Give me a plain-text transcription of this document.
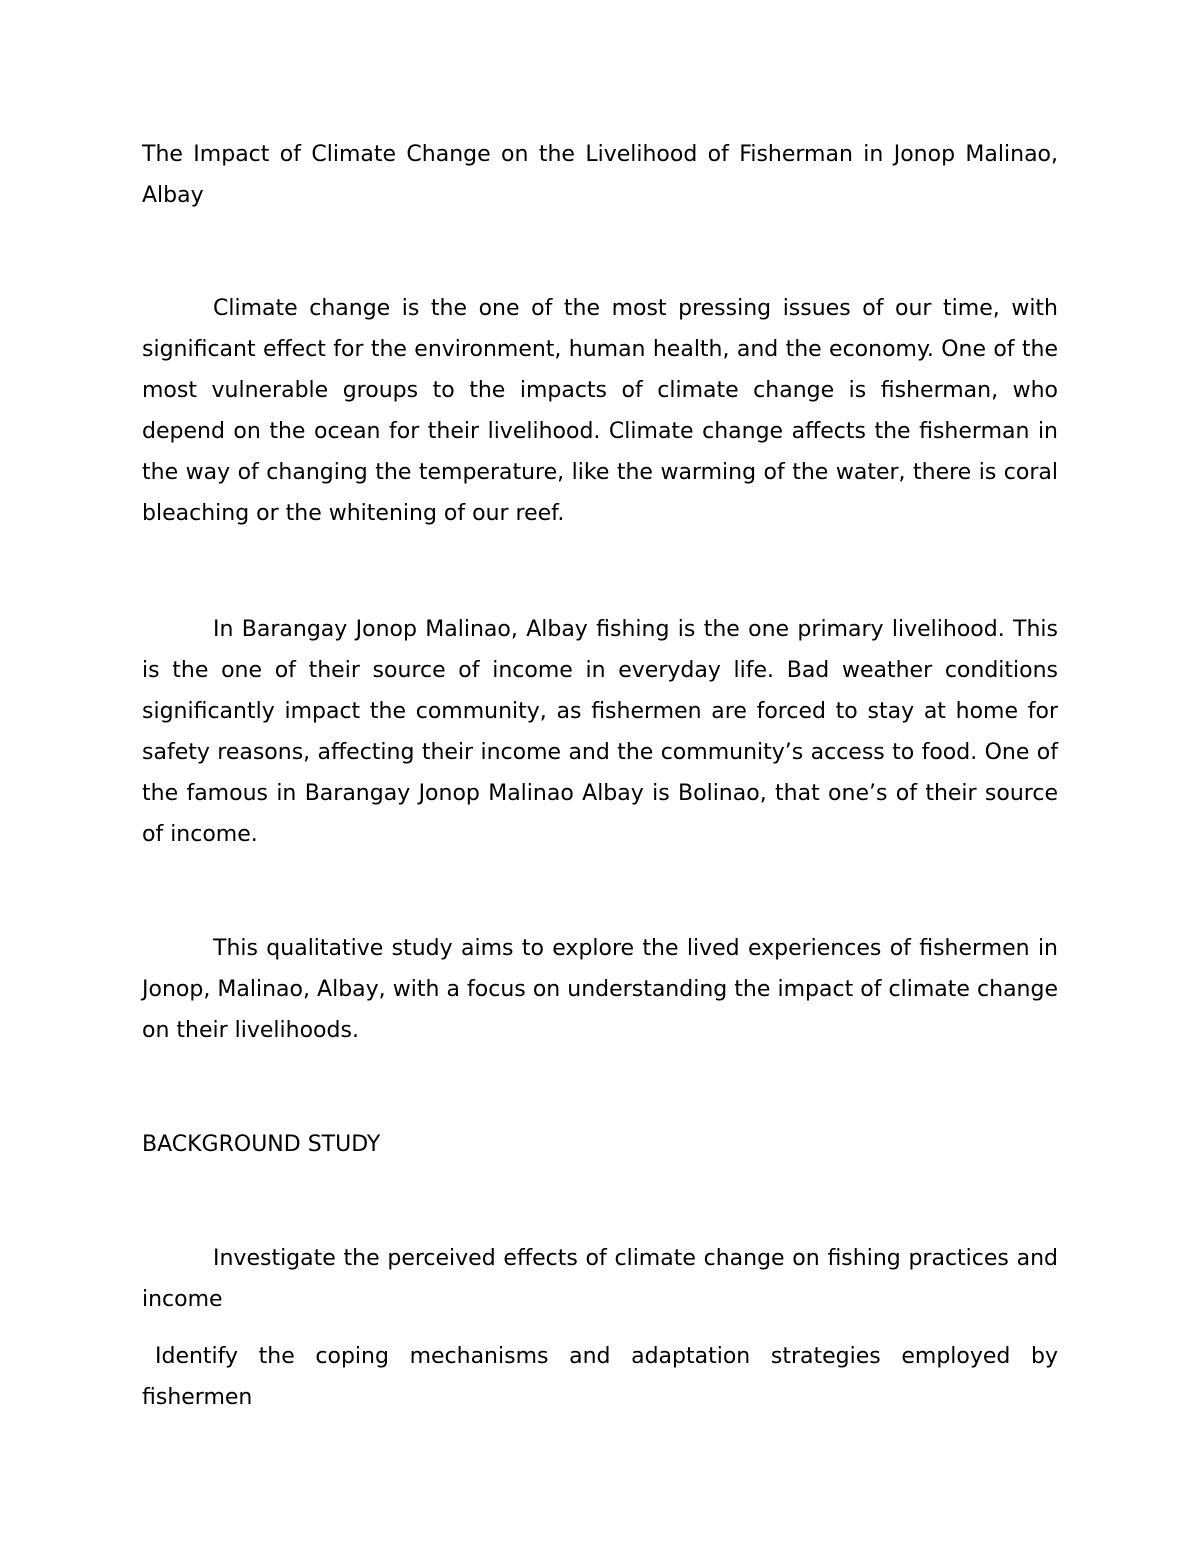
The Impact of Climate Change on the Livelihood of Fisherman in Jonop Malinao, Albay

Climate change is the one of the most pressing issues of our time, with significant effect for the environment, human health, and the economy. One of the most vulnerable groups to the impacts of climate change is fisherman, who depend on the ocean for their livelihood. Climate change affects the fisherman in the way of changing the temperature, like the warming of the water, there is coral bleaching or the whitening of our reef.

In Barangay Jonop Malinao, Albay fishing is the one primary livelihood. This is the one of their source of income in everyday life. Bad weather conditions significantly impact the community, as fishermen are forced to stay at home for safety reasons, affecting their income and the community’s access to food. One of the famous in Barangay Jonop Malinao Albay is Bolinao, that one’s of their source of income.

This qualitative study aims to explore the lived experiences of fishermen in Jonop, Malinao, Albay, with a focus on understanding the impact of climate change on their livelihoods.

BACKGROUND STUDY

Investigate the perceived effects of climate change on fishing practices and income

Identify the coping mechanisms and adaptation strategies employed by fishermen
